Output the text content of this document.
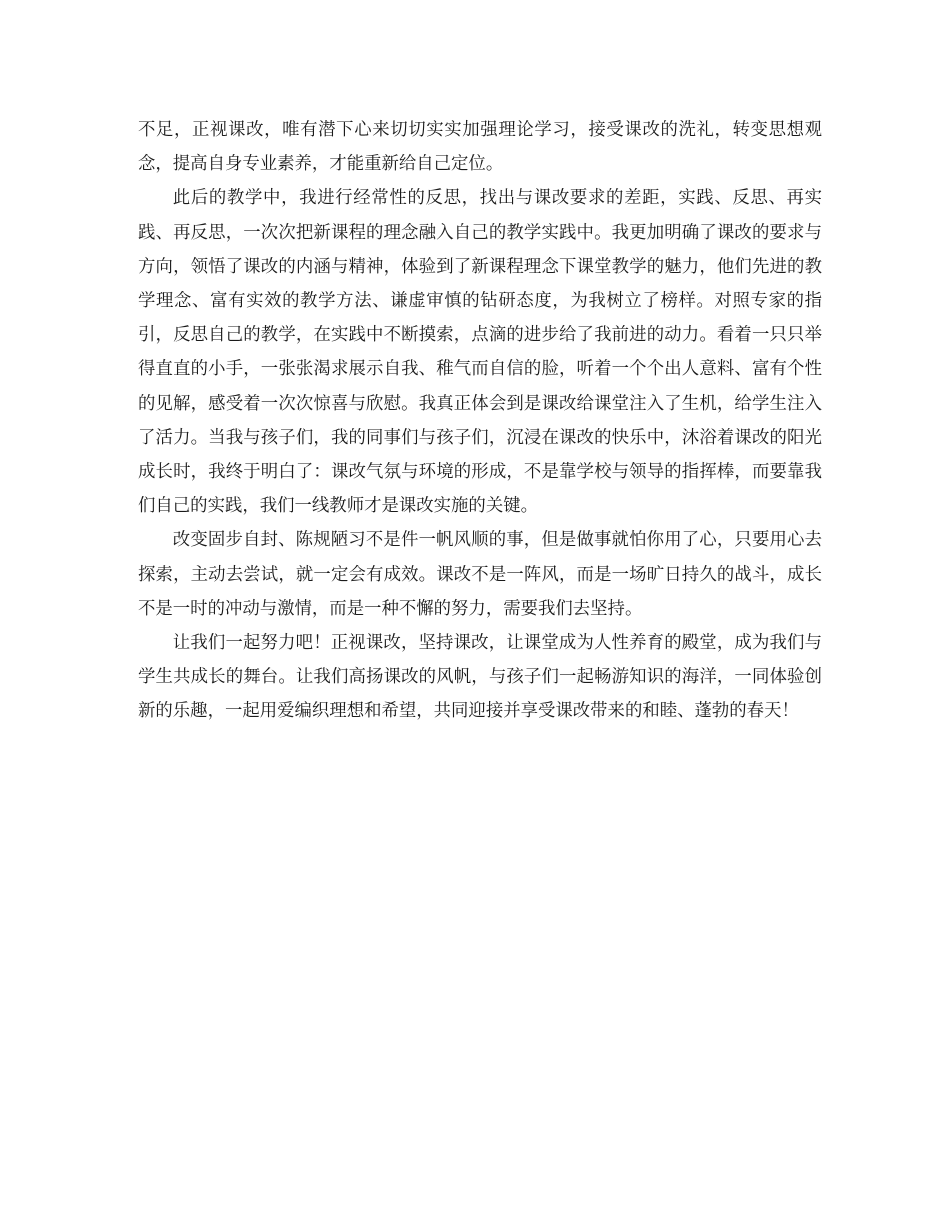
不足，正视课改，唯有潜下心来切切实实加强理论学习，接受课改的洗礼，转变思想观念，提高自身专业素养，才能重新给自己定位。

此后的教学中，我进行经常性的反思，找出与课改要求的差距，实践、反思、再实践、再反思，一次次把新课程的理念融入自己的教学实践中。我更加明确了课改的要求与方向，领悟了课改的内涵与精神，体验到了新课程理念下课堂教学的魅力，他们先进的教学理念、富有实效的教学方法、谦虚审慎的钻研态度，为我树立了榜样。对照专家的指引，反思自己的教学，在实践中不断摸索，点滴的进步给了我前进的动力。看着一只只举得直直的小手，一张张渴求展示自我、稚气而自信的脸，听着一个个出人意料、富有个性的见解，感受着一次次惊喜与欣慰。我真正体会到是课改给课堂注入了生机，给学生注入了活力。当我与孩子们，我的同事们与孩子们，沉浸在课改的快乐中，沐浴着课改的阳光成长时，我终于明白了：课改气氛与环境的形成，不是靠学校与领导的指挥棒，而要靠我们自己的实践，我们一线教师才是课改实施的关键。

改变固步自封、陈规陋习不是件一帆风顺的事，但是做事就怕你用了心，只要用心去探索，主动去尝试，就一定会有成效。课改不是一阵风，而是一场旷日持久的战斗，成长不是一时的冲动与激情，而是一种不懈的努力，需要我们去坚持。

让我们一起努力吧！正视课改，坚持课改，让课堂成为人性养育的殿堂，成为我们与学生共成长的舞台。让我们高扬课改的风帆，与孩子们一起畅游知识的海洋，一同体验创新的乐趣，一起用爱编织理想和希望，共同迎接并享受课改带来的和睦、蓬勃的春天！
